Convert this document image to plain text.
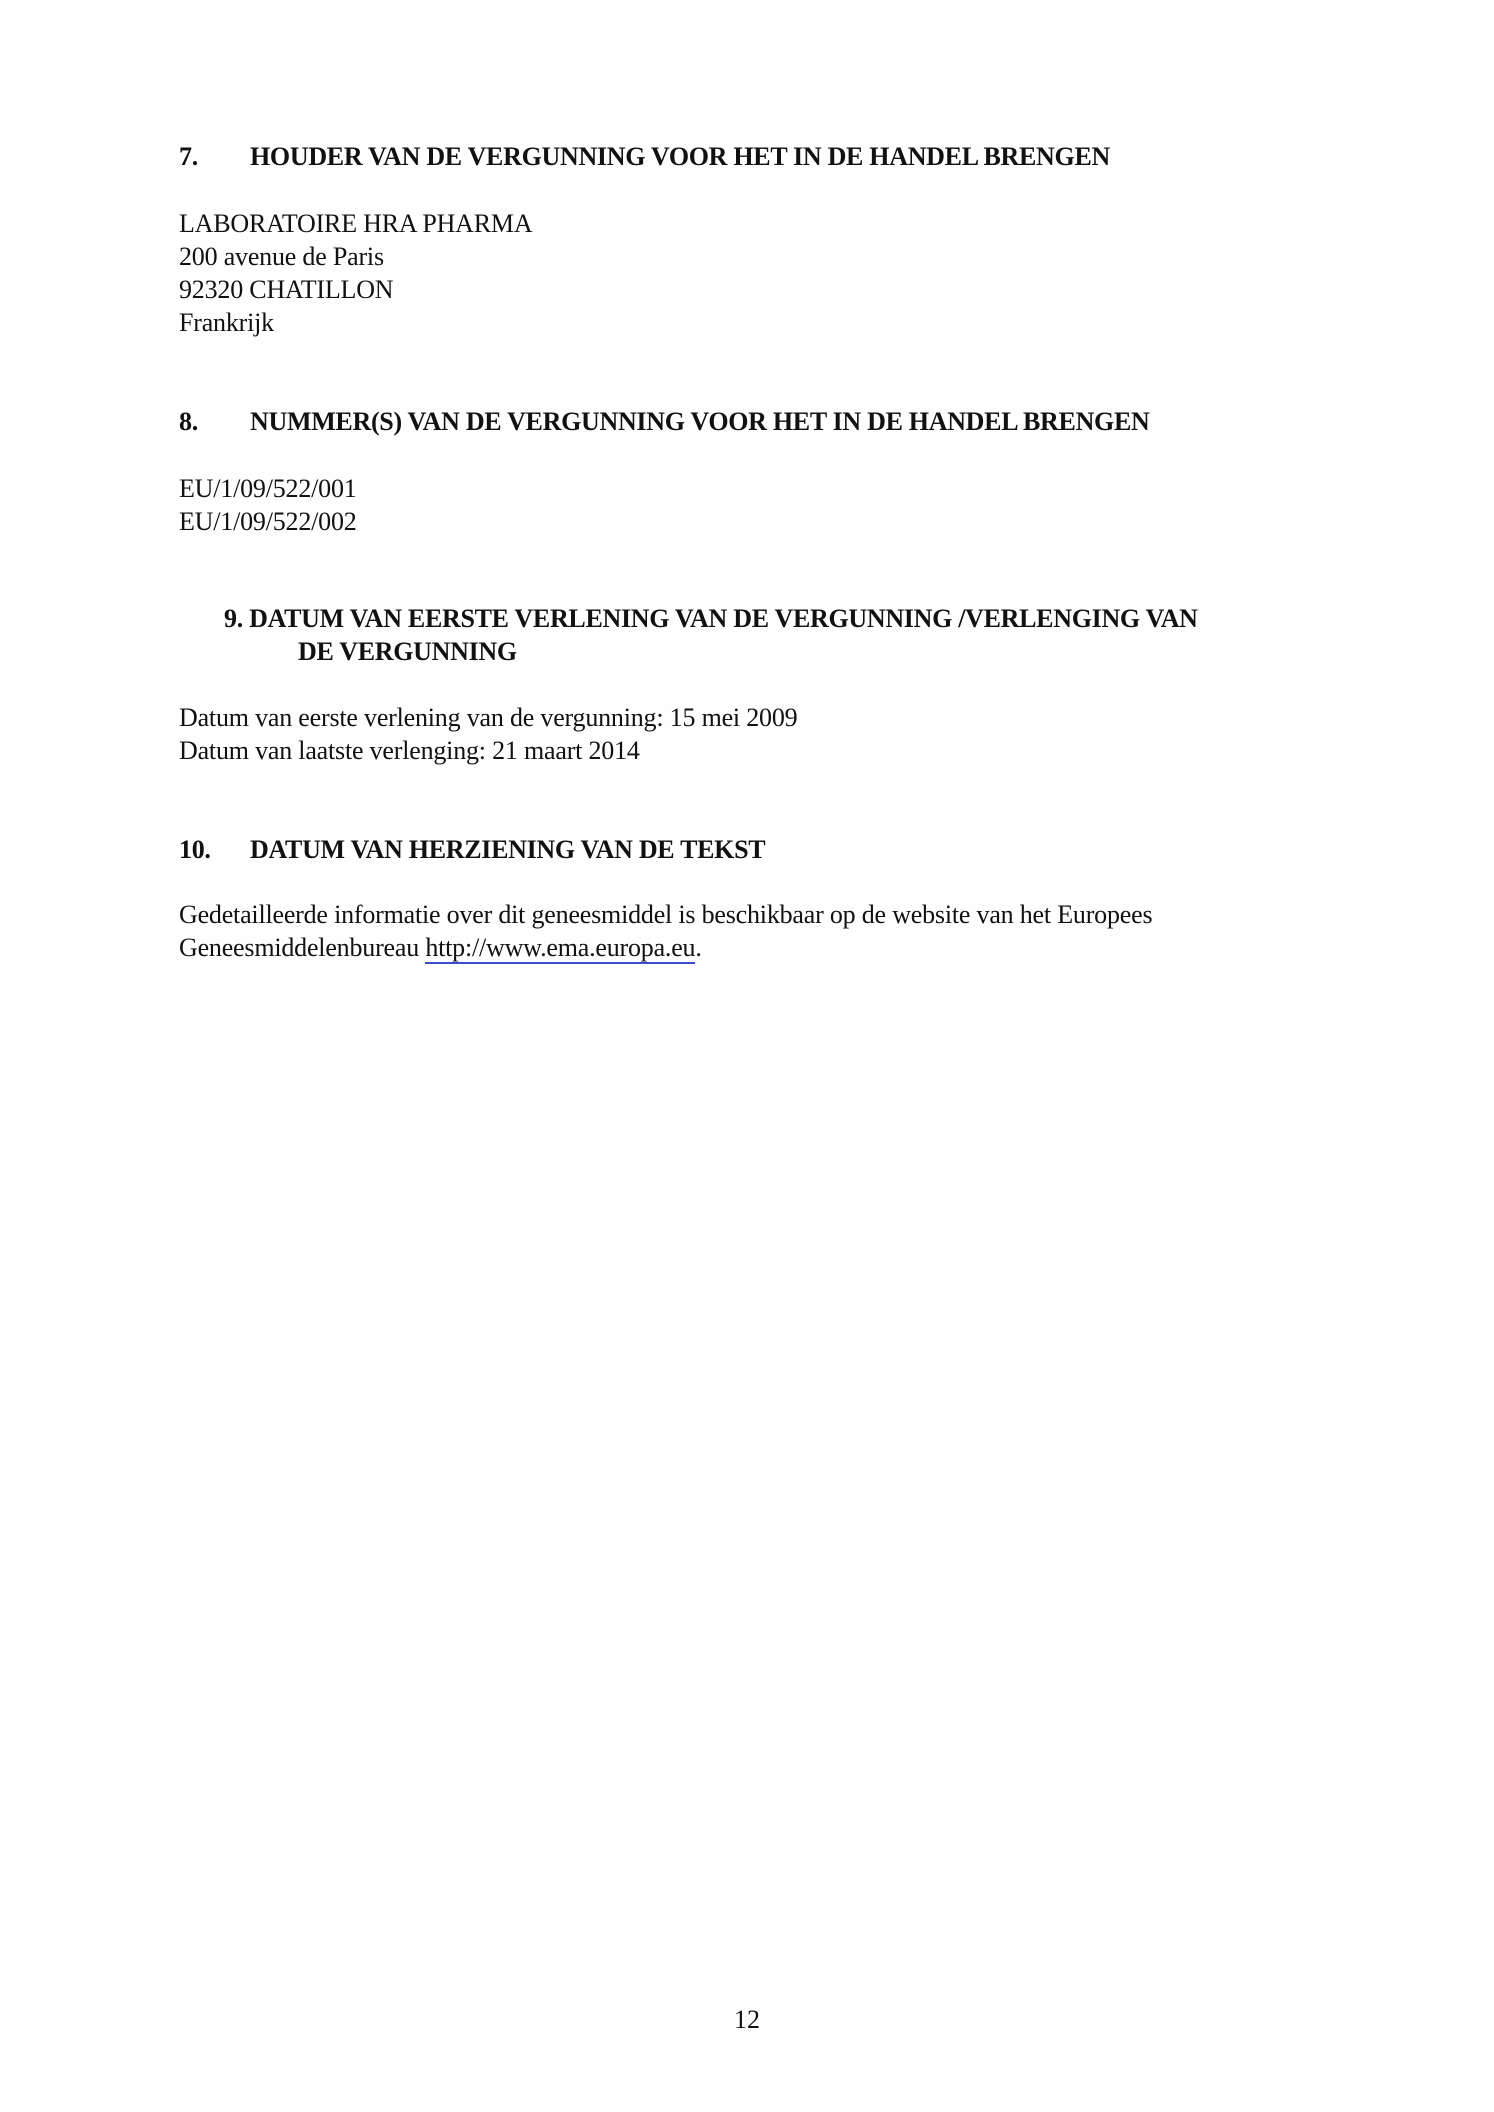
7. HOUDER VAN DE VERGUNNING VOOR HET IN DE HANDEL BRENGEN
LABORATOIRE HRA PHARMA
200 avenue de Paris
92320 CHATILLON
Frankrijk
8. NUMMER(S) VAN DE VERGUNNING VOOR HET IN DE HANDEL BRENGEN
EU/1/09/522/001
EU/1/09/522/002
9. DATUM VAN EERSTE VERLENING VAN DE VERGUNNING /VERLENGING VAN
DE VERGUNNING
Datum van eerste verlening van de vergunning: 15 mei 2009
Datum van laatste verlenging: 21 maart 2014
10. DATUM VAN HERZIENING VAN DE TEKST
Gedetailleerde informatie over dit geneesmiddel is beschikbaar op de website van het Europees
Geneesmiddelenbureau http://www.ema.europa.eu.
12
